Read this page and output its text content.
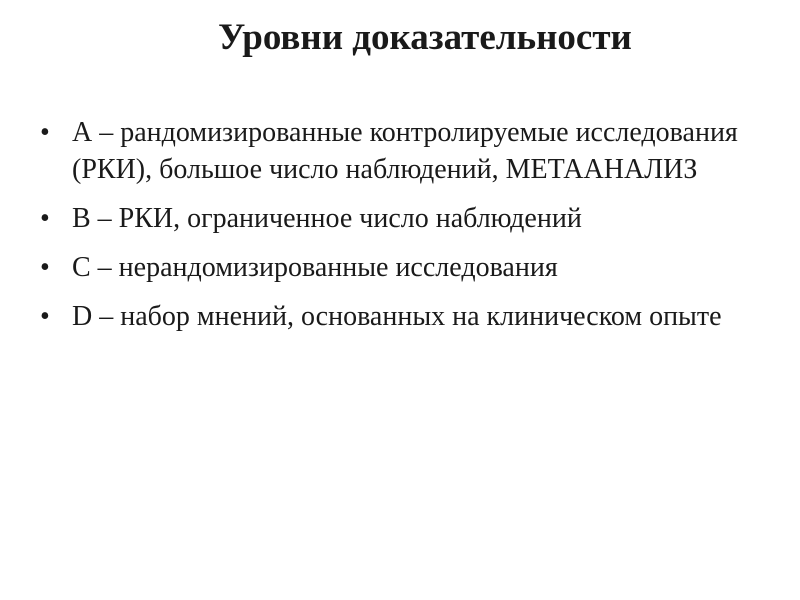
Уровни доказательности
• А – рандомизированные контролируемые исследования (РКИ), большое число наблюдений, МЕТААНАЛИЗ
• В – РКИ, ограниченное число наблюдений
• С – нерандомизированные исследования
• D – набор мнений, основанных на клиническом опыте
